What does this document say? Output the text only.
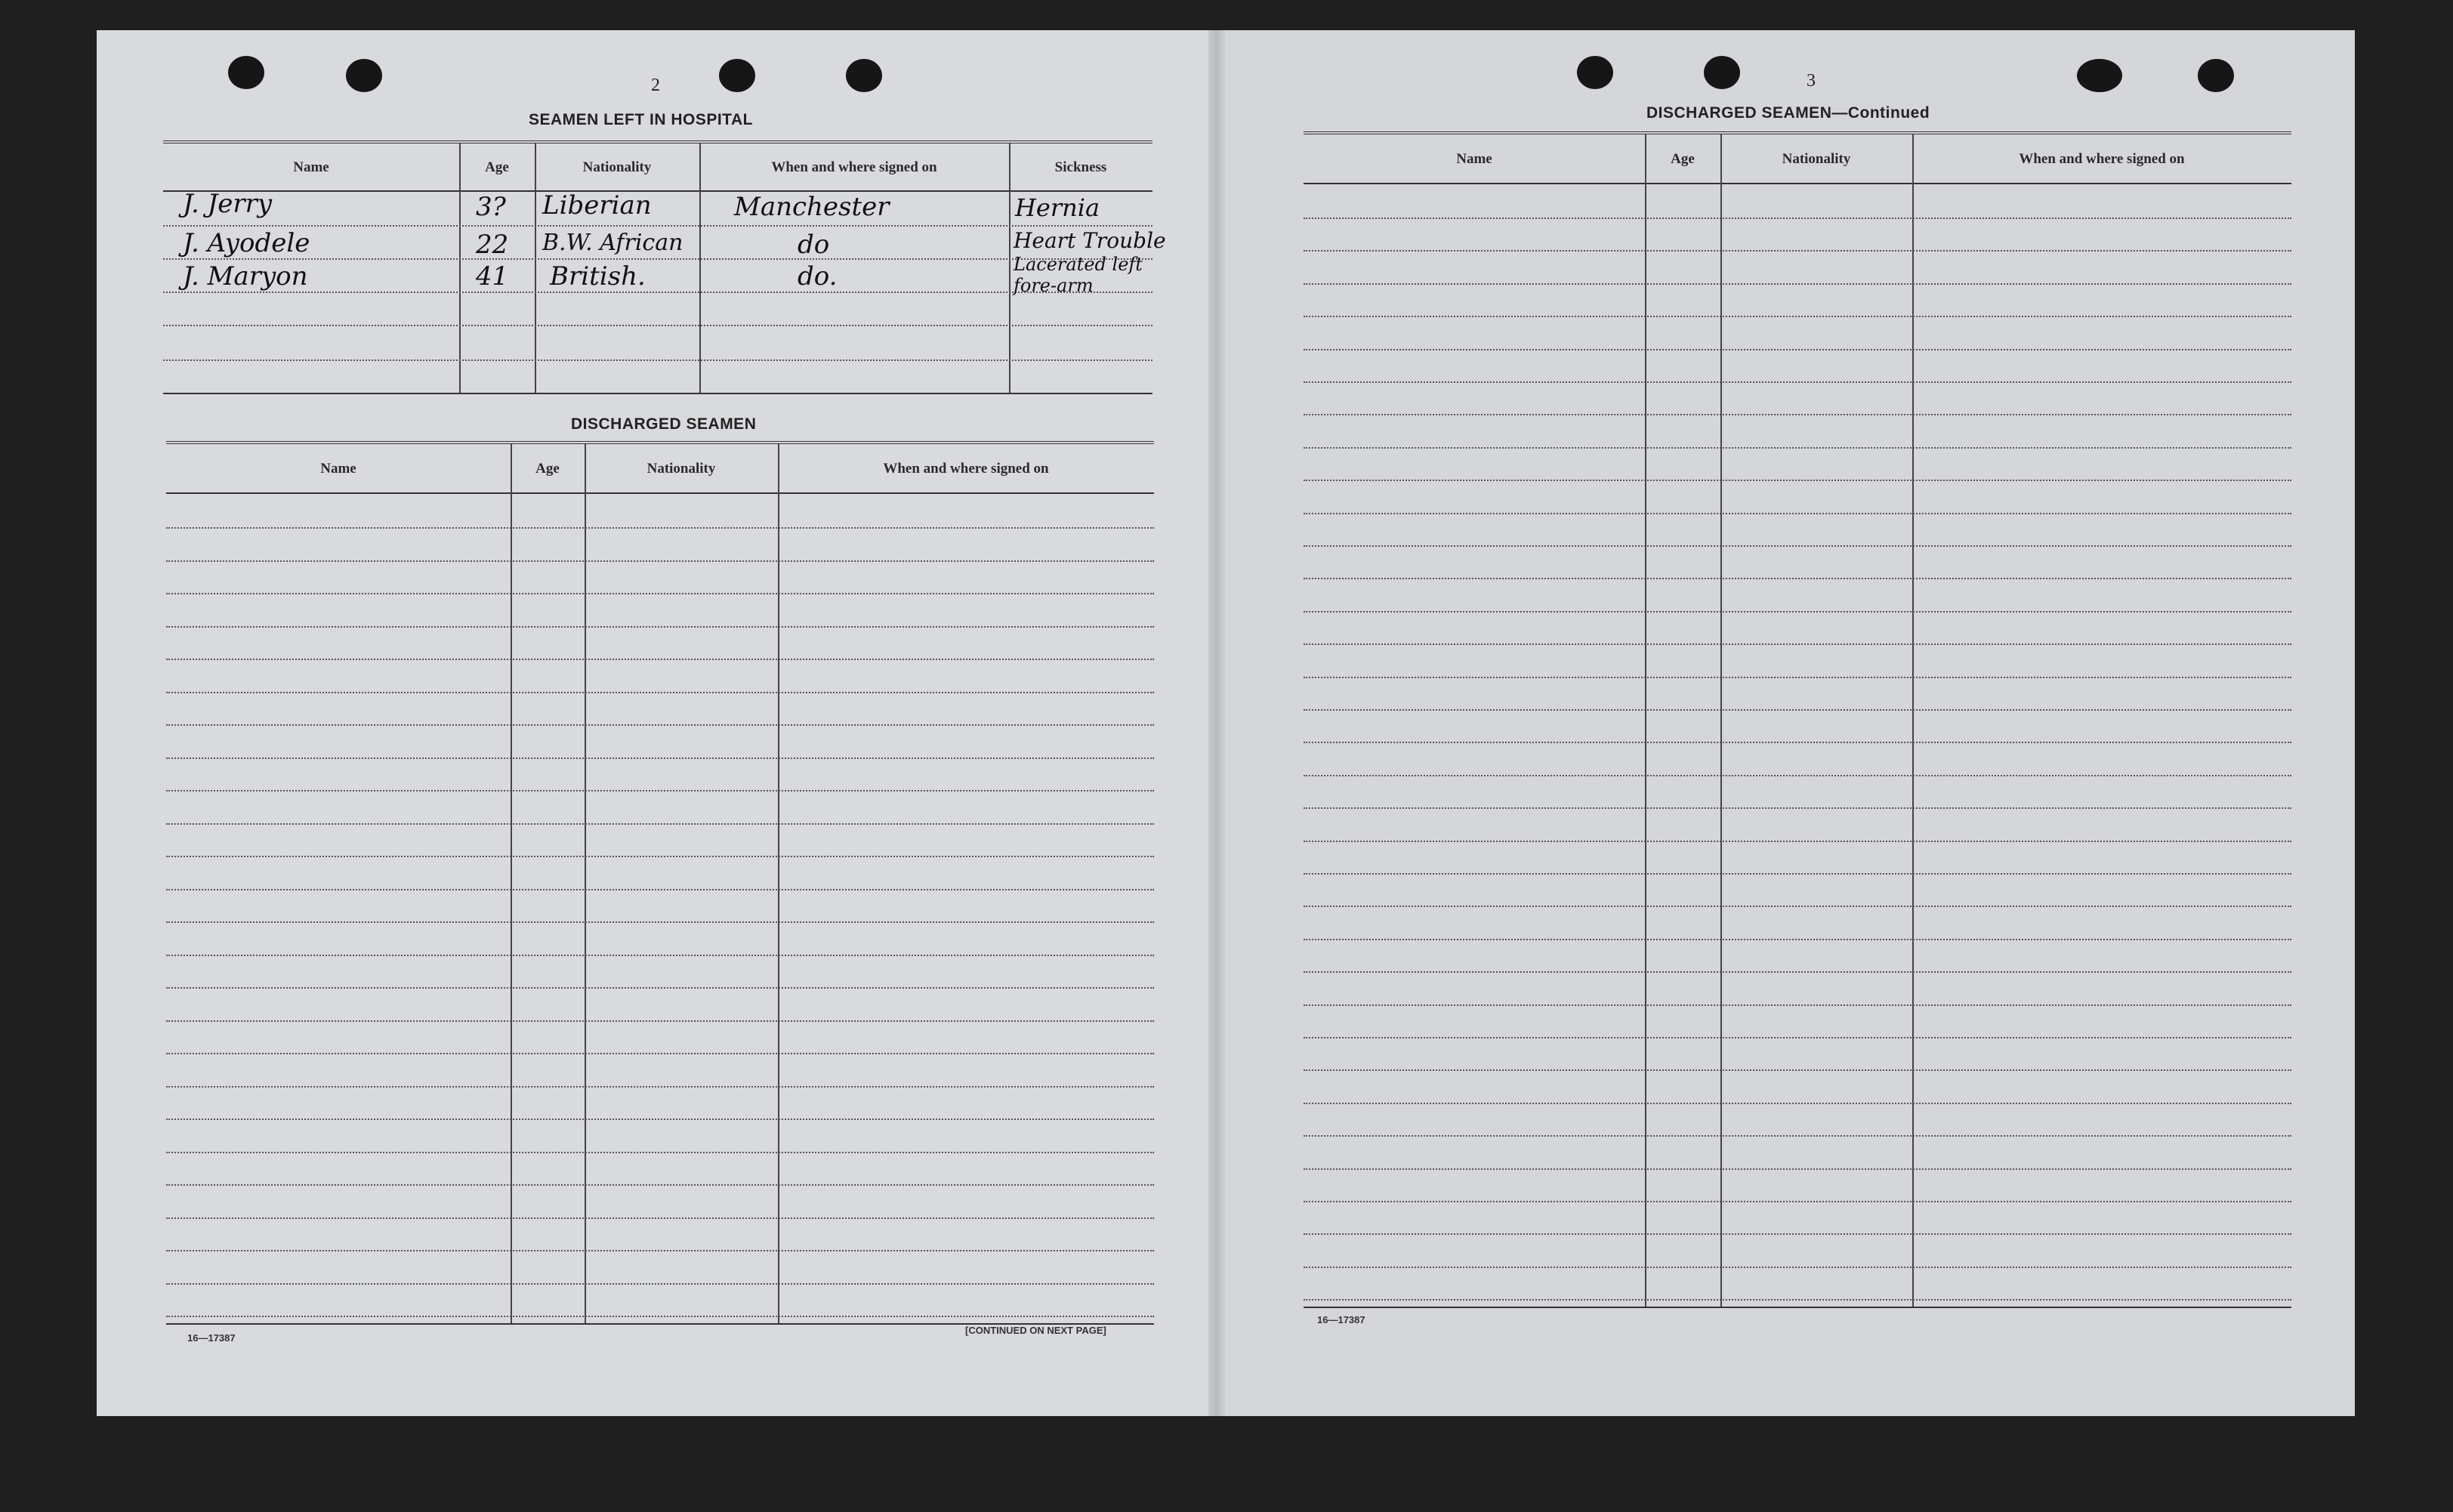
2
SEAMEN LEFT IN HOSPITAL
Name	Age	Nationality	When and where signed on	Sickness
J. Jerry	3? Liberian	Manchester	Hernia
J. Ayodele	22 B.W. African	do	Heart Trouble
J. Maryon	41 British.	do.	Lacerated left fore-arm
DISCHARGED SEAMEN
Name	Age	Nationality	When and where signed on
16—17387
[CONTINUED ON NEXT PAGE]
3
DISCHARGED SEAMEN—Continued
Name	Age	Nationality	When and where signed on
16—17387
